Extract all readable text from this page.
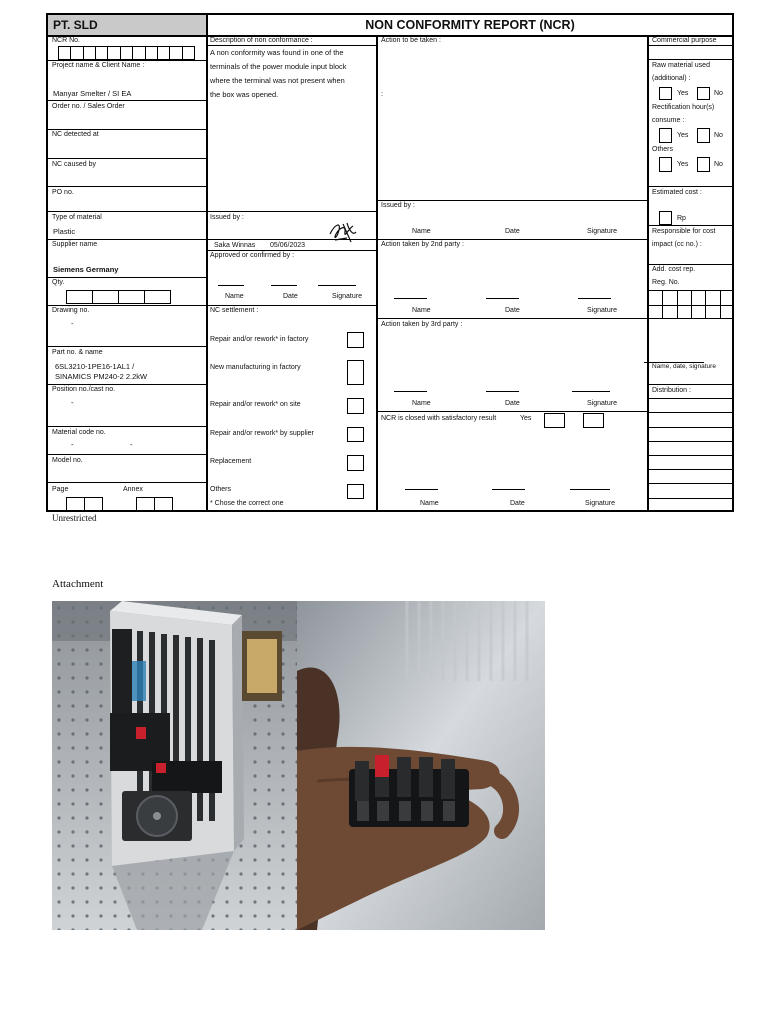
PT. SLD	NON CONFORMITY REPORT (NCR)
NCR No.
Project name & Client Name :
Manyar Smelter / SI EA
Order no. / Sales Order
NC detected at
NC caused by
PO no.
Type of material
Plastic
Supplier name
Siemens Germany
Qty.
Drawing no.
-
Part no. & name
6SL3210-1PE16-1AL1 /
SINAMICS PM240-2 2.2kW
Position no./cast no.
-
Material code no.
-	-
Model no.
Page	Annex
Description of non conformance :
A non conformity was found in one of the
terminals of the power module input block
where the terminal was not present when
the box was opened.
Issued by :
Saka Winnas 05/06/2023
Approved or confirmed by :
Name	Date	Signature
NC settlement :
Repair and/or rework* in factory
New manufacturing in factory
Repair and/or rework* on site
Repair and/or rework* by supplier
Replacement
Others
* Chose the correct one
Action to be taken :
:
Issued by :
Name	Date	Signature
Action taken by 2nd party :
Name	Date	Signature
Action taken by 3rd party :
Name	Date	Signature
NCR is closed with satisfactory result	Yes
Name	Date	Signature
Commercial purpose
Raw material used
(additional) :
Yes	No
Rectification hour(s)
consume :
Yes	No
Others
Yes	No
Estimated cost :
Rp
Responsible for cost
impact (cc no.) :
Add. cost rep.
Reg. No.
Name, date, signature
Distribution :
Unrestricted
Attachment
